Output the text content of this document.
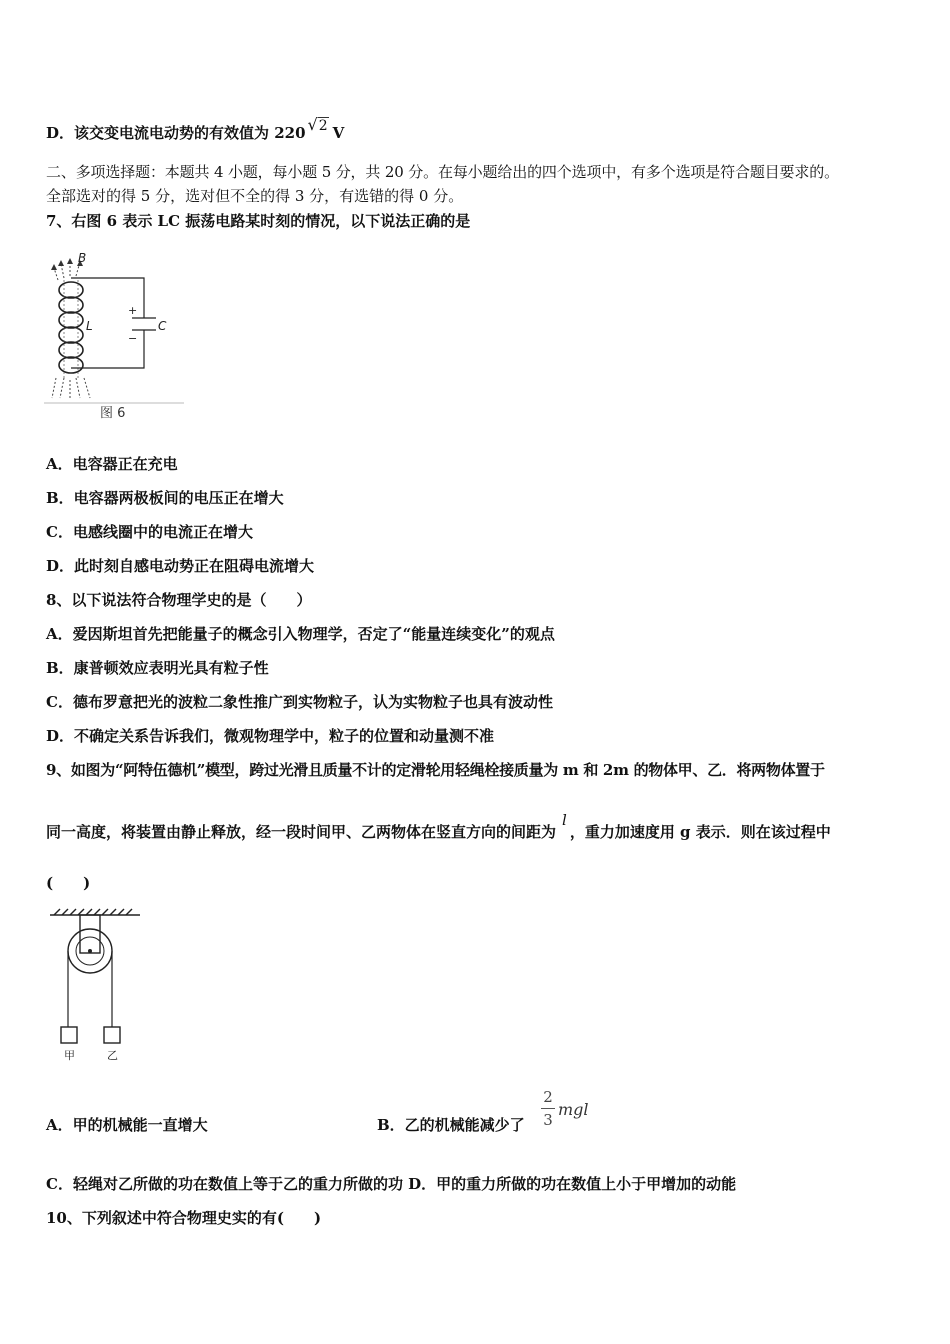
D．该交变电流电动势的有效值为 220 √2 V
二、多项选择题：本题共 4 小题，每小题 5 分，共 20 分。在每小题给出的四个选项中，有多个选项是符合题目要求的。
全部选对的得 5 分，选对但不全的得 3 分，有选错的得 0 分。
7、右图 6 表示 LC 振荡电路某时刻的情况，以下说法正确的是
B
L
+
−
C
图 6
A．电容器正在充电
B．电容器两极板间的电压正在增大
C．电感线圈中的电流正在增大
D．此时刻自感电动势正在阻碍电流增大
8、以下说法符合物理学史的是（　　）
A．爱因斯坦首先把能量子的概念引入物理学，否定了“能量连续变化”的观点
B．康普顿效应表明光具有粒子性
C．德布罗意把光的波粒二象性推广到实物粒子，认为实物粒子也具有波动性
D．不确定关系告诉我们，微观物理学中，粒子的位置和动量测不准
9、如图为“阿特伍德机”模型，跨过光滑且质量不计的定滑轮用轻绳栓接质量为 m 和 2m 的物体甲、乙．将两物体置于
同一高度，将装置由静止释放，经一段时间甲、乙两物体在竖直方向的间距为l，重力加速度用 g 表示．则在该过程中
(　　)
甲	乙
A．甲的机械能一直增大	B．乙的机械能减少了
2
3
mgl
C．轻绳对乙所做的功在数值上等于乙的重力所做的功 D．甲的重力所做的功在数值上小于甲增加的动能
10、下列叙述中符合物理史实的有(　　)
